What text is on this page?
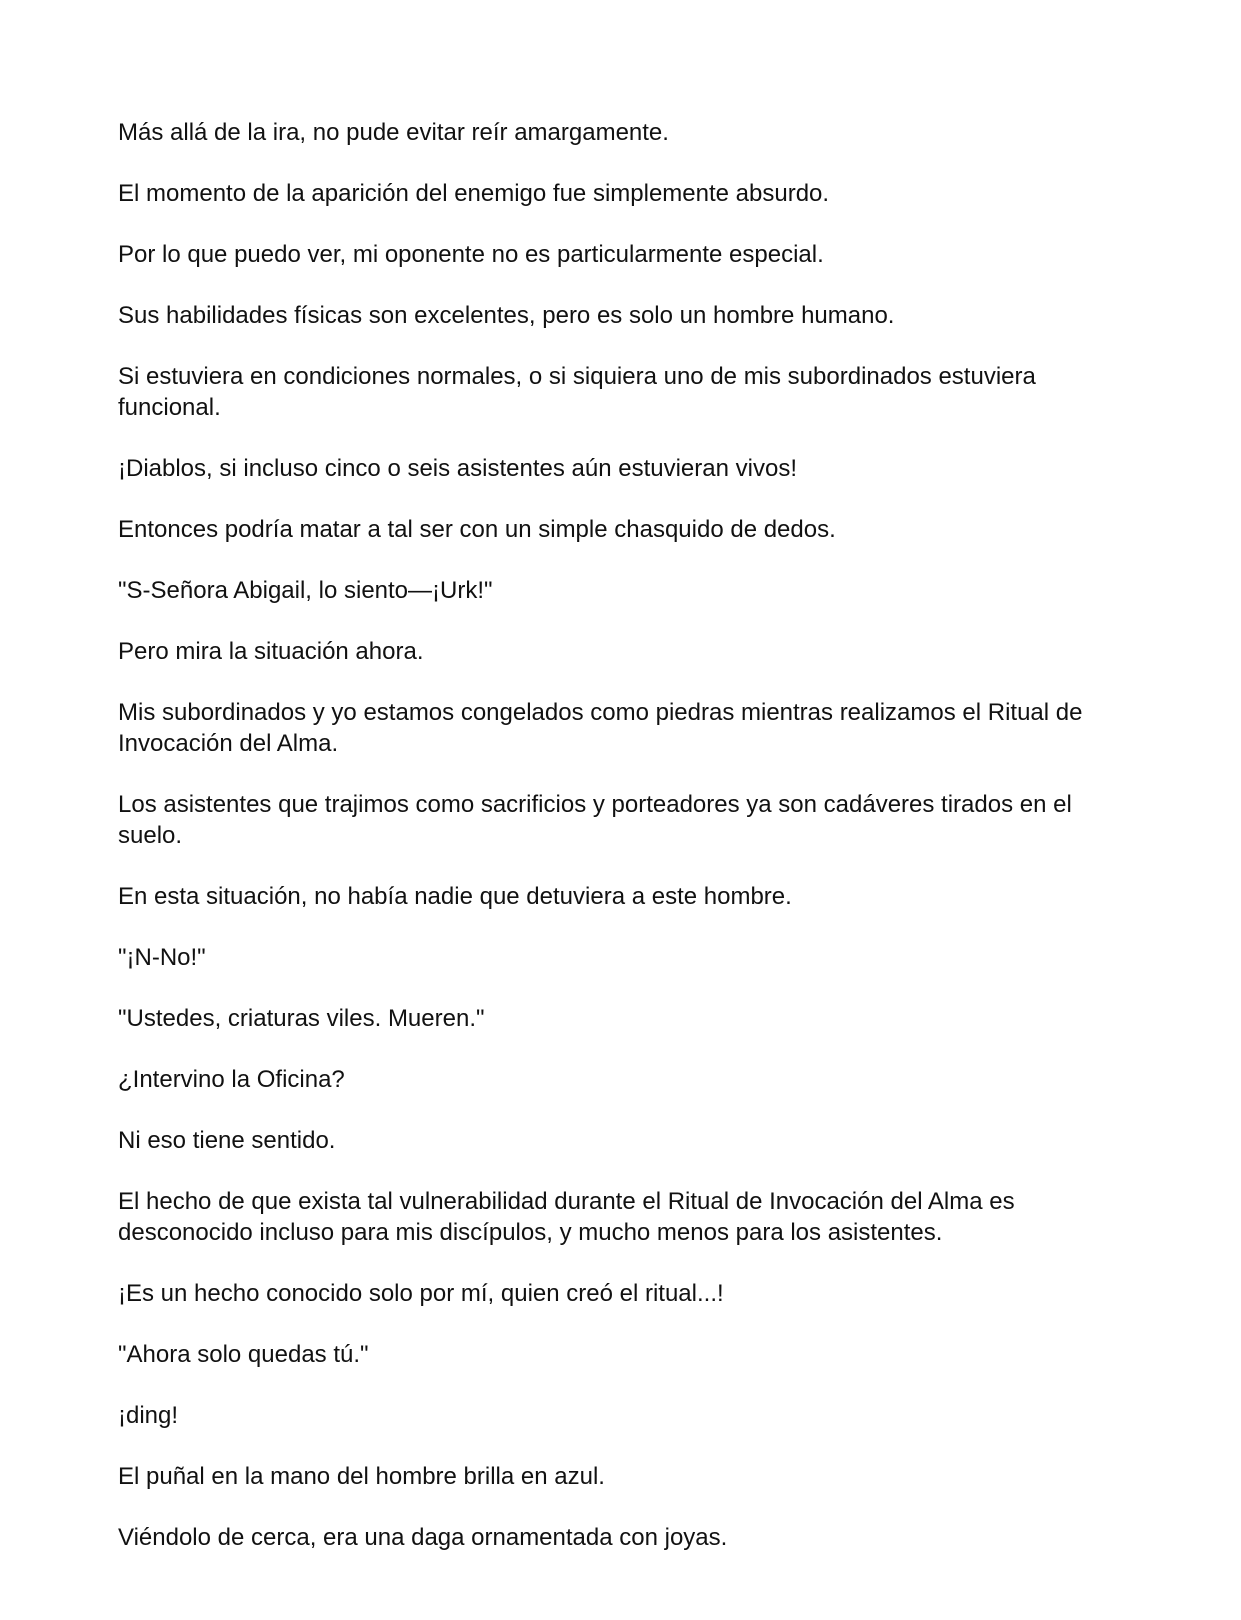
Más allá de la ira, no pude evitar reír amargamente.

El momento de la aparición del enemigo fue simplemente absurdo.

Por lo que puedo ver, mi oponente no es particularmente especial.

Sus habilidades físicas son excelentes, pero es solo un hombre humano.

Si estuviera en condiciones normales, o si siquiera uno de mis subordinados estuviera funcional.

¡Diablos, si incluso cinco o seis asistentes aún estuvieran vivos!

Entonces podría matar a tal ser con un simple chasquido de dedos.

"S-Señora Abigail, lo siento—¡Urk!"

Pero mira la situación ahora.

Mis subordinados y yo estamos congelados como piedras mientras realizamos el Ritual de Invocación del Alma.

Los asistentes que trajimos como sacrificios y porteadores ya son cadáveres tirados en el suelo.

En esta situación, no había nadie que detuviera a este hombre.

"¡N-No!"

"Ustedes, criaturas viles. Mueren."

¿Intervino la Oficina?

Ni eso tiene sentido.

El hecho de que exista tal vulnerabilidad durante el Ritual de Invocación del Alma es desconocido incluso para mis discípulos, y mucho menos para los asistentes.

¡Es un hecho conocido solo por mí, quien creó el ritual...!

"Ahora solo quedas tú."

¡ding!

El puñal en la mano del hombre brilla en azul.

Viéndolo de cerca, era una daga ornamentada con joyas.
